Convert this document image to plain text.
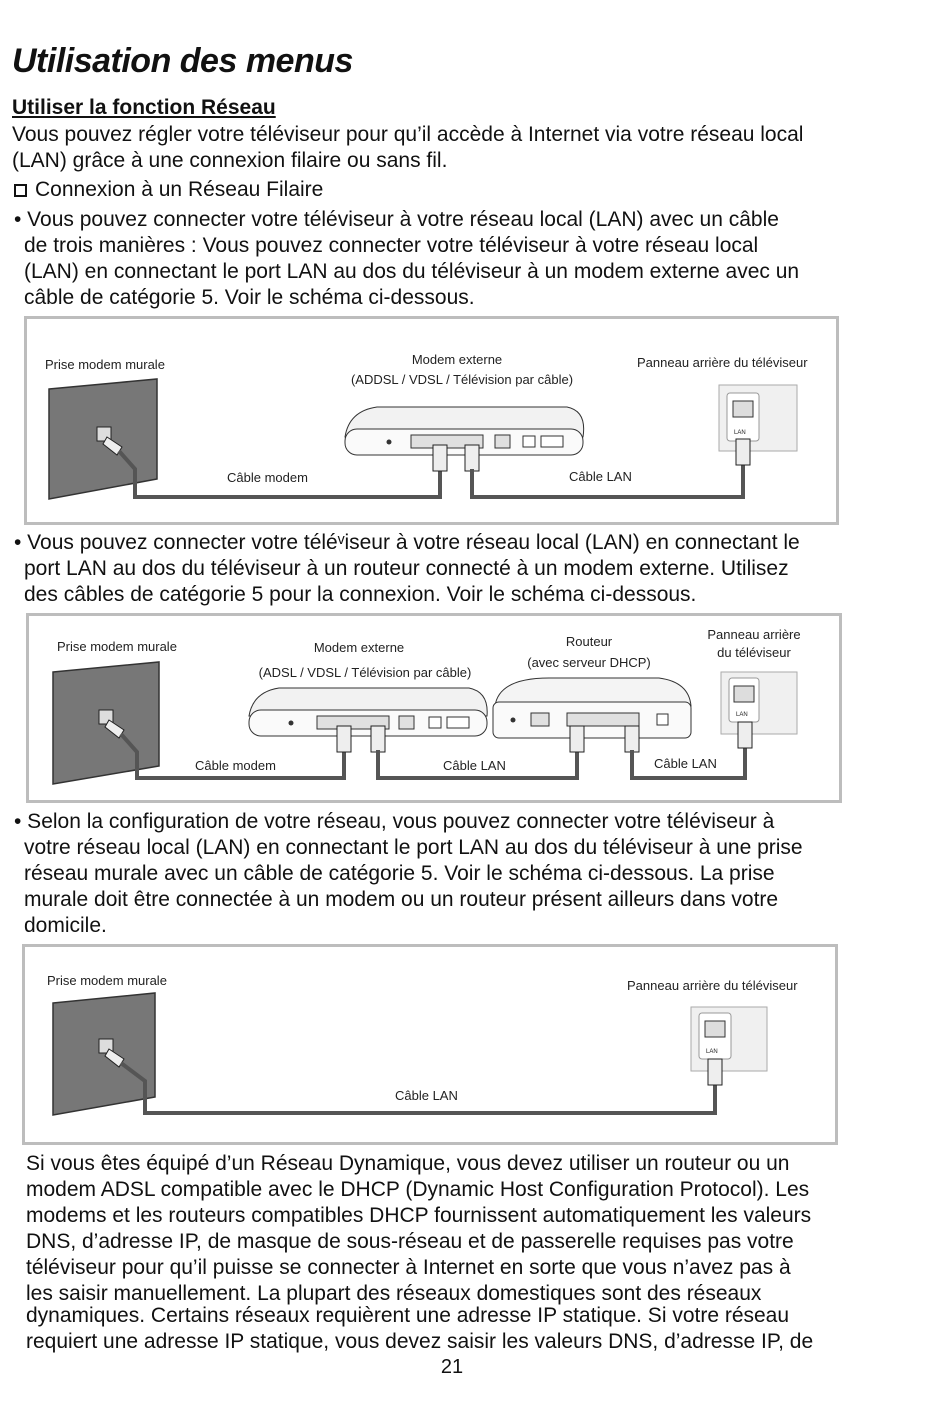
Utilisation des menus
Utiliser la fonction Réseau
Vous pouvez régler votre téléviseur pour qu’il accède à Internet via votre réseau local
(LAN) grâce à une connexion filaire ou sans fil.
Connexion à un Réseau Filaire
• Vous pouvez connecter votre téléviseur à votre réseau local (LAN) avec un câble
de trois manières : Vous pouvez connecter votre téléviseur à votre réseau local
(LAN) en connectant le port LAN au dos du téléviseur à un modem externe avec un
câble de catégorie 5. Voir le schéma ci-dessous.
Prise modem murale	Modem externe
(ADDSL / VDSL / Télévision par câble)
Panneau arrière du téléviseur
Câble modem	Câble LAN
LAN
• Vous pouvez connecter votre téléᵛiseur à votre réseau local (LAN) en connectant le
port LAN au dos du téléviseur à un routeur connecté à un modem externe. Utilisez
des câbles de catégorie 5 pour la connexion. Voir le schéma ci-dessous.
Prise modem murale	Modem externe
(ADSL / VDSL / Télévision par câble)
Routeur
(avec serveur DHCP)
Panneau arrière
du téléviseur
Câble modem	Câble LAN	Câble LAN
LAN
• Selon la configuration de votre réseau, vous pouvez connecter votre téléviseur à
votre réseau local (LAN) en connectant le port LAN au dos du téléviseur à une prise
réseau murale avec un câble de catégorie 5. Voir le schéma ci-dessous. La prise
murale doit être connectée à un modem ou un routeur présent ailleurs dans votre
domicile.
Prise modem murale	Panneau arrière du téléviseur
Câble LAN
LAN
Si vous êtes équipé d’un Réseau Dynamique, vous devez utiliser un routeur ou un
modem ADSL compatible avec le DHCP (Dynamic Host Configuration Protocol). Les
modems et les routeurs compatibles DHCP fournissent automatiquement les valeurs
DNS, d’adresse IP, de masque de sous-réseau et de passerelle requises pas votre
téléviseur pour qu’il puisse se connecter à Internet en sorte que vous n’avez pas à
les saisir manuellement. La plupart des réseaux domestiques sont des réseaux
dynamiques. Certains réseaux requièrent une adresse IP statique. Si votre réseau
requiert une adresse IP statique, vous devez saisir les valeurs DNS, d’adresse IP, de
21
